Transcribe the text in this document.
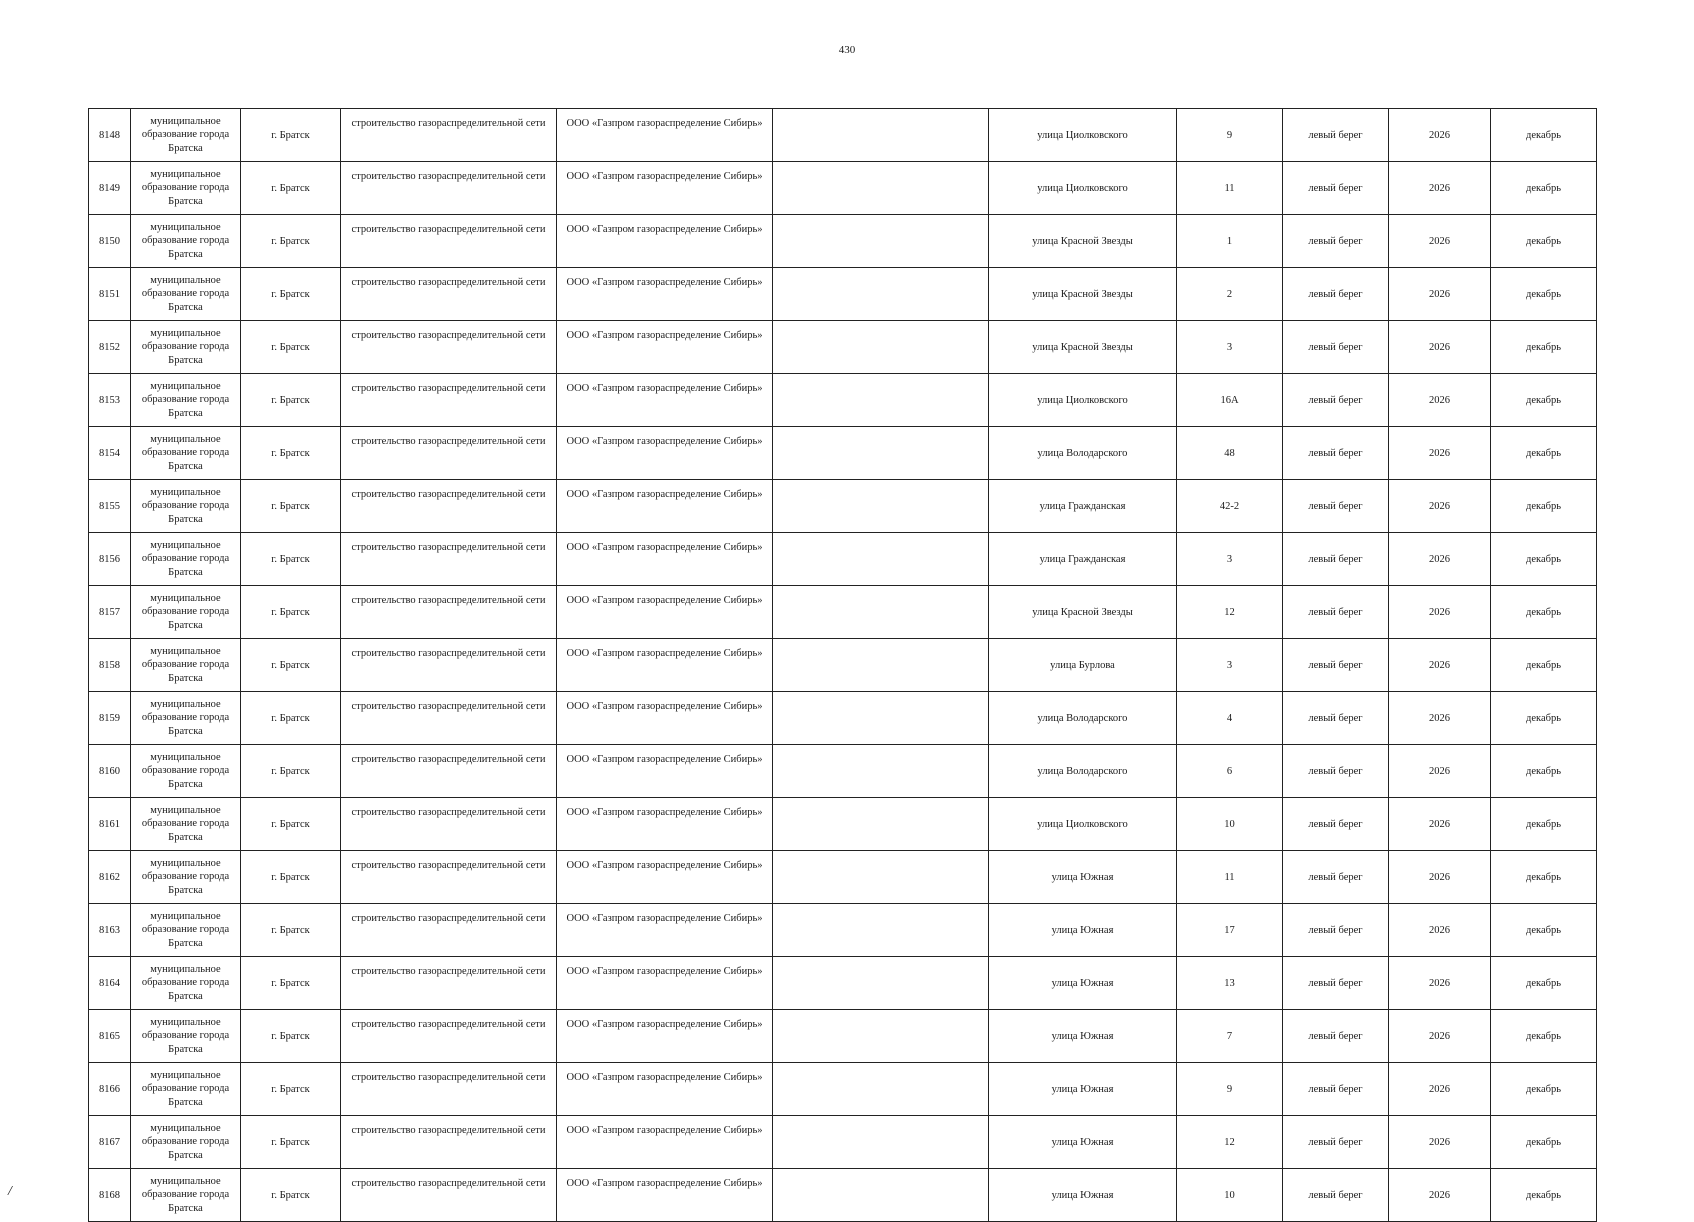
430
8148	муниципальное
образование города
Братска	г. Братск	строительство газораспределительной сети	ООО «Газпром газораспределение Сибирь»		улица Циолковского	9	левый берег	2026	декабрь
8149	муниципальное
образование города
Братска	г. Братск	строительство газораспределительной сети	ООО «Газпром газораспределение Сибирь»		улица Циолковского	11	левый берег	2026	декабрь
8150	муниципальное
образование города
Братска	г. Братск	строительство газораспределительной сети	ООО «Газпром газораспределение Сибирь»		улица Красной Звезды	1	левый берег	2026	декабрь
8151	муниципальное
образование города
Братска	г. Братск	строительство газораспределительной сети	ООО «Газпром газораспределение Сибирь»		улица Красной Звезды	2	левый берег	2026	декабрь
8152	муниципальное
образование города
Братска	г. Братск	строительство газораспределительной сети	ООО «Газпром газораспределение Сибирь»		улица Красной Звезды	3	левый берег	2026	декабрь
8153	муниципальное
образование города
Братска	г. Братск	строительство газораспределительной сети	ООО «Газпром газораспределение Сибирь»		улица Циолковского	16А	левый берег	2026	декабрь
8154	муниципальное
образование города
Братска	г. Братск	строительство газораспределительной сети	ООО «Газпром газораспределение Сибирь»		улица Володарского	48	левый берег	2026	декабрь
8155	муниципальное
образование города
Братска	г. Братск	строительство газораспределительной сети	ООО «Газпром газораспределение Сибирь»		улица Гражданская	42-2	левый берег	2026	декабрь
8156	муниципальное
образование города
Братска	г. Братск	строительство газораспределительной сети	ООО «Газпром газораспределение Сибирь»		улица Гражданская	3	левый берег	2026	декабрь
8157	муниципальное
образование города
Братска	г. Братск	строительство газораспределительной сети	ООО «Газпром газораспределение Сибирь»		улица Красной Звезды	12	левый берег	2026	декабрь
8158	муниципальное
образование города
Братска	г. Братск	строительство газораспределительной сети	ООО «Газпром газораспределение Сибирь»		улица Бурлова	3	левый берег	2026	декабрь
8159	муниципальное
образование города
Братска	г. Братск	строительство газораспределительной сети	ООО «Газпром газораспределение Сибирь»		улица Володарского	4	левый берег	2026	декабрь
8160	муниципальное
образование города
Братска	г. Братск	строительство газораспределительной сети	ООО «Газпром газораспределение Сибирь»		улица Володарского	6	левый берег	2026	декабрь
8161	муниципальное
образование города
Братска	г. Братск	строительство газораспределительной сети	ООО «Газпром газораспределение Сибирь»		улица Циолковского	10	левый берег	2026	декабрь
8162	муниципальное
образование города
Братска	г. Братск	строительство газораспределительной сети	ООО «Газпром газораспределение Сибирь»		улица Южная	11	левый берег	2026	декабрь
8163	муниципальное
образование города
Братска	г. Братск	строительство газораспределительной сети	ООО «Газпром газораспределение Сибирь»		улица Южная	17	левый берег	2026	декабрь
8164	муниципальное
образование города
Братска	г. Братск	строительство газораспределительной сети	ООО «Газпром газораспределение Сибирь»		улица Южная	13	левый берег	2026	декабрь
8165	муниципальное
образование города
Братска	г. Братск	строительство газораспределительной сети	ООО «Газпром газораспределение Сибирь»		улица Южная	7	левый берег	2026	декабрь
8166	муниципальное
образование города
Братска	г. Братск	строительство газораспределительной сети	ООО «Газпром газораспределение Сибирь»		улица Южная	9	левый берег	2026	декабрь
8167	муниципальное
образование города
Братска	г. Братск	строительство газораспределительной сети	ООО «Газпром газораспределение Сибирь»		улица Южная	12	левый берег	2026	декабрь
8168	муниципальное
образование города
Братска	г. Братск	строительство газораспределительной сети	ООО «Газпром газораспределение Сибирь»		улица Южная	10	левый берег	2026	декабрь
/
